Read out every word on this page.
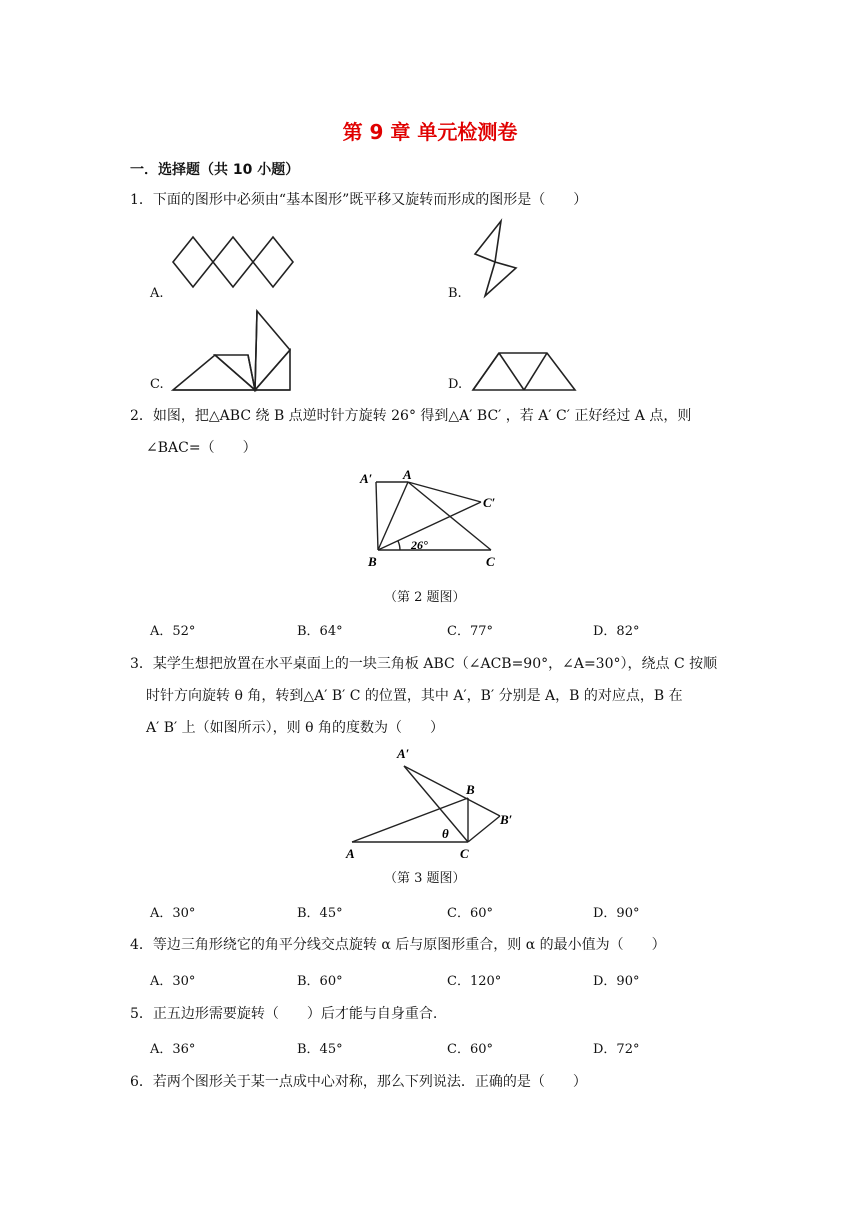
第 9 章 单元检测卷
一．选择题（共 10 小题）
1．下面的图形中必须由“基本图形”既平移又旋转而形成的图形是（　　）
A.	B.
C.	D.
2．如图，把△ABC 绕 B 点逆时针方旋转 26° 得到△A′ BC′ ，若 A′ C′ 正好经过 A 点，则
∠BAC=（　　）
A′ A
C′
B	C
26°
（第 2 题图）
A．52°	B．64°	C．77°	D．82°
3．某学生想把放置在水平桌面上的一块三角板 ABC（∠ACB=90°，∠A=30°），绕点 C 按顺
时针方向旋转 θ 角，转到△A′ B′ C 的位置，其中 A′，B′ 分别是 A，B 的对应点，B 在
A′ B′ 上（如图所示），则 θ 角的度数为（　　）
A′
B
B′
θ
A	C
（第 3 题图）
A．30°	B．45°	C．60°	D．90°
4．等边三角形绕它的角平分线交点旋转 α 后与原图形重合，则 α 的最小值为（　　）
A．30°	B．60°	C．120°	D．90°
5．正五边形需要旋转（　　）后才能与自身重合.
A．36°	B．45°	C．60°	D．72°
6．若两个图形关于某一点成中心对称，那么下列说法．正确的是（　　）
